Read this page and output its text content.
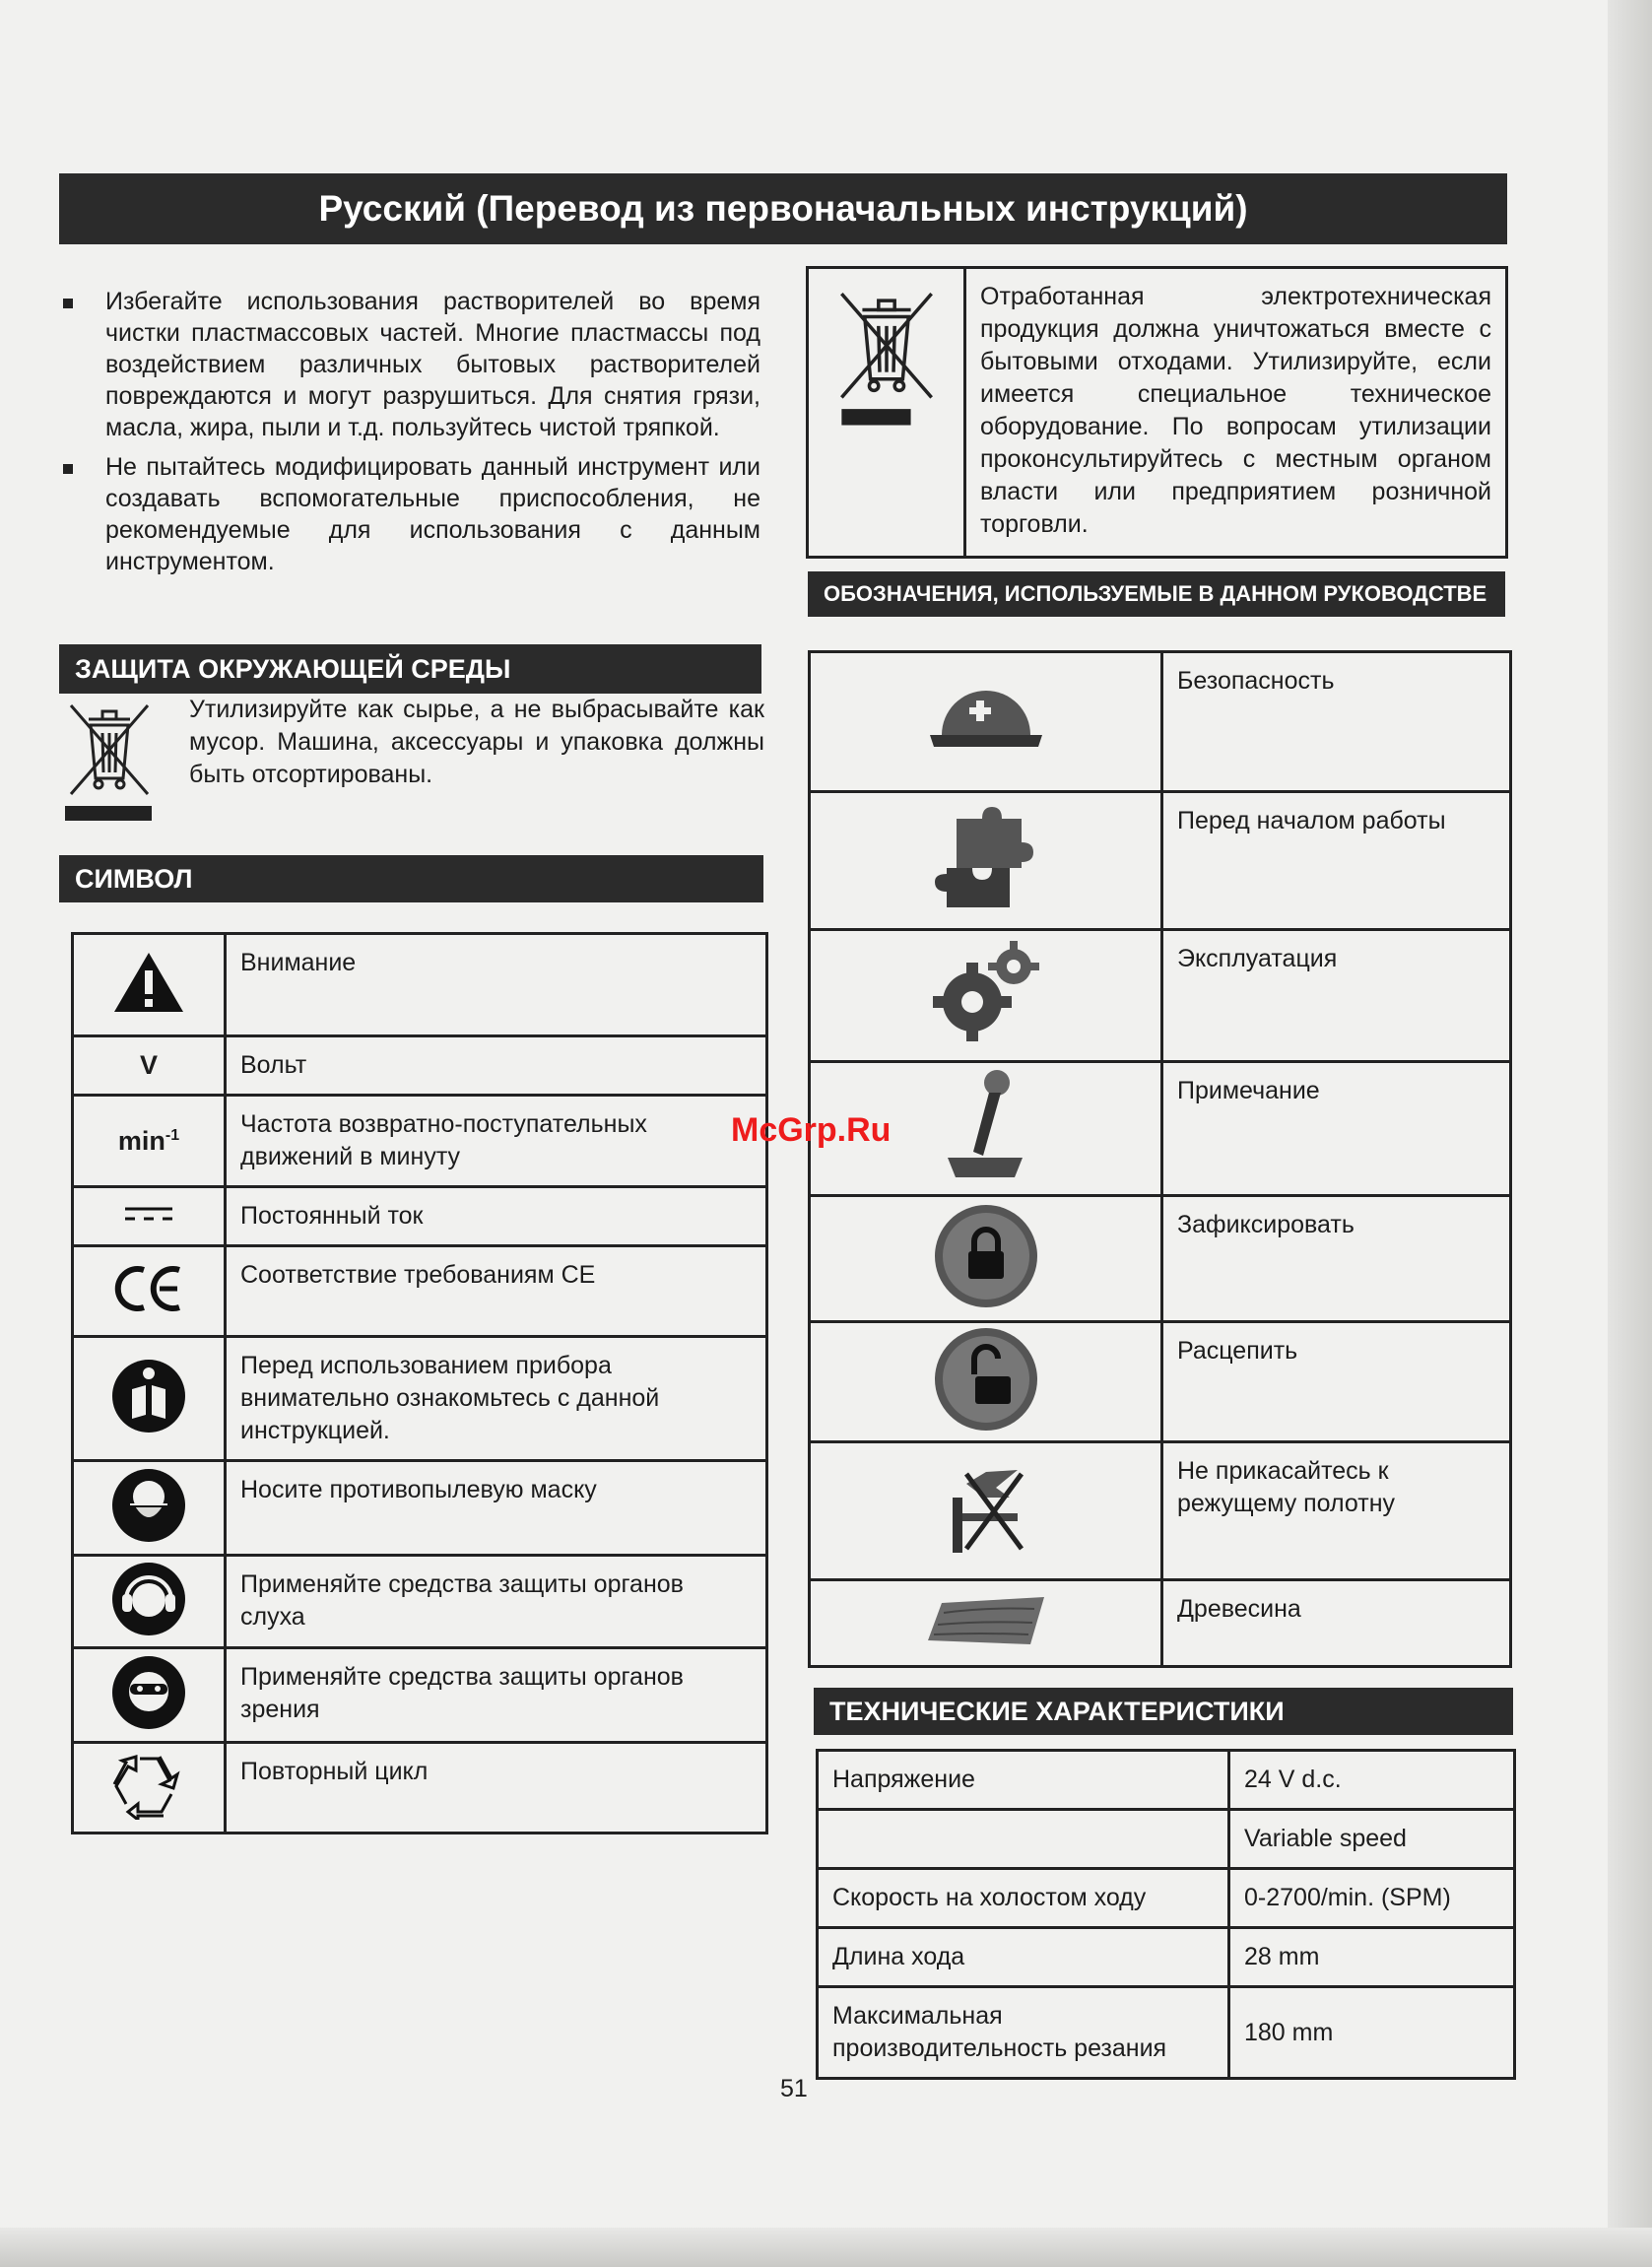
Русский (Перевод из первоначальных инструкций)
Избегайте использования растворителей во время чистки пластмассовых частей. Многие пластмассы под воздействием различных бытовых растворителей повреждаются и могут разрушиться. Для снятия грязи, масла, жира, пыли и т.д. пользуйтесь чистой тряпкой.
Не пытайтесь модифицировать данный инструмент или создавать вспомогательные приспособления, не рекомендуемые для использования с данным инструментом.
ЗАЩИТА ОКРУЖАЮЩЕЙ СРЕДЫ
Утилизируйте как сырье, а не выбрасывайте как мусор. Машина, аксессуары и упаковка должны быть отсортированы.
СИМВОЛ

Внимание

V	Вольт

$\min^{-1}$	Частота возвратно-поступательных движений в минуту

Постоянный ток

Соответствие требованиям CE

Перед использованием прибора внимательно ознакомьтесь с данной инструкцией.

Носите противопылевую маску

Применяйте средства защиты органов слуха

Применяйте средства защиты органов зрения

Повторный цикл

Отработанная электротехническая продукция должна уничтожаться вместе с бытовыми отходами. Утилизируйте, если имеется специальное техническое оборудование. По вопросам утилизации проконсультируйтесь с местным органом власти или предприятием розничной торговли.
ОБОЗНАЧЕНИЯ, ИСПОЛЬЗУЕМЫЕ В ДАННОМ РУКОВОДСТВЕ

Безопасность

Перед началом работы

Эксплуатация

Примечание

Зафиксировать

Расцепить

Не прикасайтесь к режущему полотну

Древесина
ТЕХНИЧЕСКИЕ ХАРАКТЕРИСТИКИ
Напряжение	24 V d.c.

	Variable speed

Скорость на холостом ходу	0-2700/min. (SPM)

Длина хода	28 mm

Максимальная производительность резания	180 mm
McGrp.Ru
51
